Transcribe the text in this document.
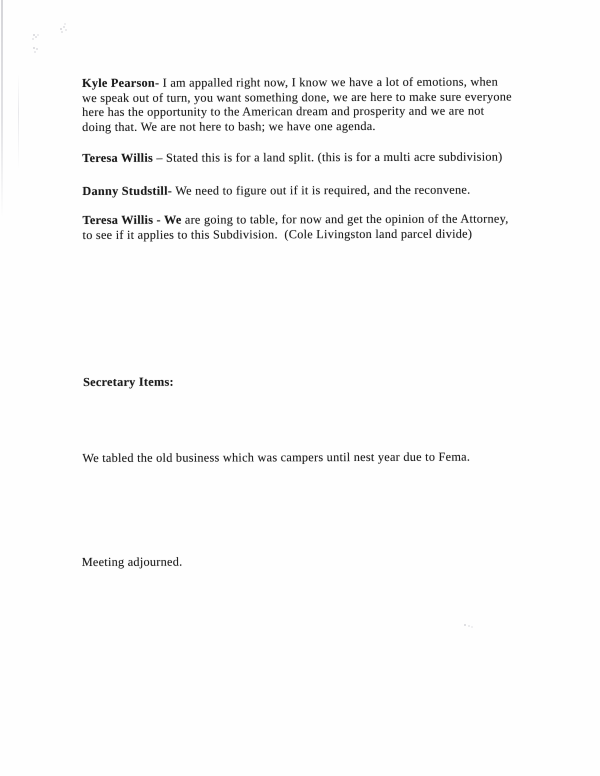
Kyle Pearson- I am appalled right now, I know we have a lot of emotions, when
we speak out of turn, you want something done, we are here to make sure everyone
here has the opportunity to the American dream and prosperity and we are not
doing that. We are not here to bash; we have one agenda.
Teresa Willis – Stated this is for a land split. (this is for a multi acre subdivision)
Danny Studstill- We need to figure out if it is required, and the reconvene.
Teresa Willis - We are going to table, for now and get the opinion of the Attorney,
to see if it applies to this Subdivision.  (Cole Livingston land parcel divide)
Secretary Items:
We tabled the old business which was campers until nest year due to Fema.
Meeting adjourned.
